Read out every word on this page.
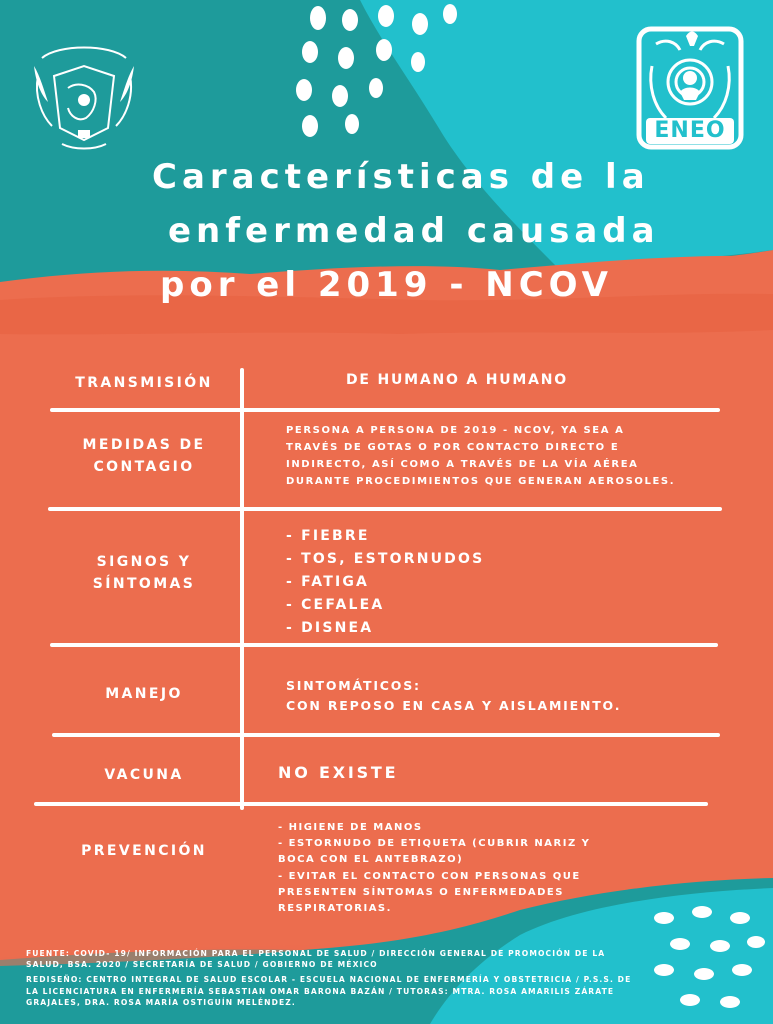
ENEO
Características de la
enfermedad causada
por el 2019 - NCOV
TRANSMISIÓN	DE HUMANO A HUMANO
MEDIDAS DE
CONTAGIO
PERSONA A PERSONA DE 2019 - NCOV, YA SEA A
TRAVÉS DE GOTAS O POR CONTACTO DIRECTO E
INDIRECTO, ASÍ COMO A TRAVÉS DE LA VÍA AÉREA
DURANTE PROCEDIMIENTOS QUE GENERAN AEROSOLES.
SIGNOS Y
SÍNTOMAS
- FIEBRE
- TOS, ESTORNUDOS
- FATIGA
- CEFALEA
- DISNEA
MANEJO
SINTOMÁTICOS:
CON REPOSO EN CASA Y AISLAMIENTO.
VACUNA	NO EXISTE
PREVENCIÓN
- HIGIENE DE MANOS
- ESTORNUDO DE ETIQUETA (CUBRIR NARIZ Y
BOCA CON EL ANTEBRAZO)
- EVITAR EL CONTACTO CON PERSONAS QUE
PRESENTEN SÍNTOMAS O ENFERMEDADES
RESPIRATORIAS.

FUENTE: COVID- 19/ INFORMACIÓN PARA EL PERSONAL DE SALUD / DIRECCIÓN GENERAL DE PROMOCIÓN DE LA

SALUD, BSA. 2020 / SECRETARÍA DE SALUD / GOBIERNO DE MÉXICO

REDISEÑO: CENTRO INTEGRAL DE SALUD ESCOLAR - ESCUELA NACIONAL DE ENFERMERÍA Y OBSTETRICIA / P.S.S. DE

LA LICENCIATURA EN ENFERMERÍA SEBASTIAN OMAR BARONA BAZÁN / TUTORAS: MTRA. ROSA AMARILIS ZÁRATE

GRAJALES, DRA. ROSA MARÍA OSTIGUÍN MELÉNDEZ.
